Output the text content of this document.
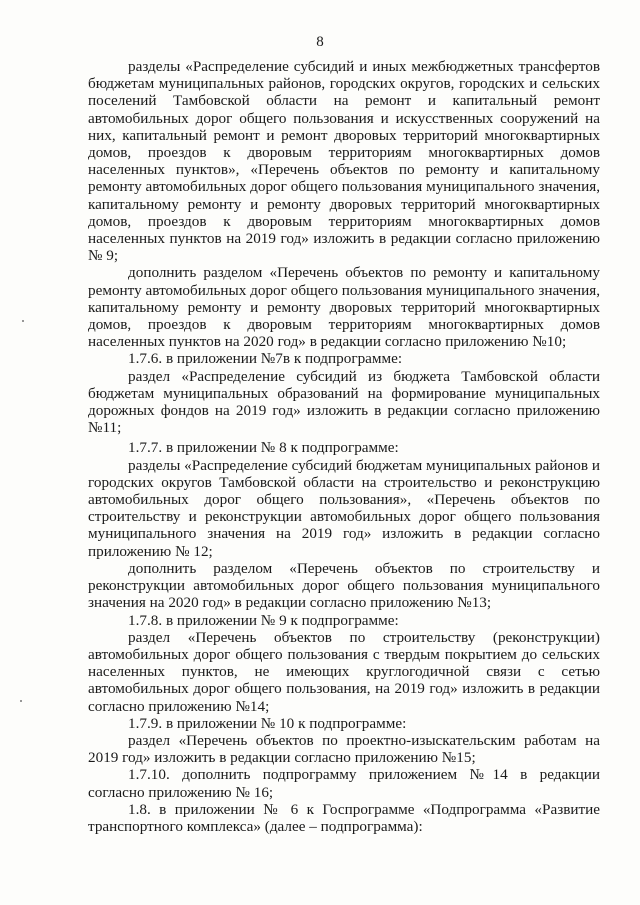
8

разделы «Распределение субсидий и иных межбюджетных трансфертов бюджетам муниципальных районов, городских округов, городских и сельских поселений Тамбовской области на ремонт и капитальный ремонт автомобильных дорог общего пользования и искусственных сооружений на них, капитальный ремонт и ремонт дворовых территорий многоквартирных домов, проездов к дворовым территориям многоквартирных домов населенных пунктов», «Перечень объектов по ремонту и капитальному ремонту автомобильных дорог общего пользования муниципального значения, капитальному ремонту и ремонту дворовых территорий многоквартирных домов, проездов к дворовым территориям многоквартирных домов населенных пунктов на 2019 год» изложить в редакции согласно приложению № 9;

дополнить разделом «Перечень объектов по ремонту и капитальному ремонту автомобильных дорог общего пользования муниципального значения, капитальному ремонту и ремонту дворовых территорий многоквартирных домов, проездов к дворовым территориям многоквартирных домов населенных пунктов на 2020 год» в редакции согласно приложению №10;

1.7.6. в приложении №7в к подпрограмме:

раздел «Распределение субсидий из бюджета Тамбовской области бюджетам муниципальных образований на формирование муниципальных дорожных фондов на 2019 год» изложить в редакции согласно приложению №11;

1.7.7. в приложении № 8 к подпрограмме:

разделы «Распределение субсидий бюджетам муниципальных районов и городских округов Тамбовской области на строительство и реконструкцию автомобильных дорог общего пользования», «Перечень объектов по строительству и реконструкции автомобильных дорог общего пользования муниципального значения на 2019 год» изложить в редакции согласно приложению № 12;

дополнить разделом «Перечень объектов по строительству и реконструкции автомобильных дорог общего пользования муниципального значения на 2020 год» в редакции согласно приложению №13;

1.7.8. в приложении № 9 к подпрограмме:

раздел «Перечень объектов по строительству (реконструкции) автомобильных дорог общего пользования с твердым покрытием до сельских населенных пунктов, не имеющих круглогодичной связи с сетью автомобильных дорог общего пользования, на 2019 год» изложить в редакции согласно приложению №14;

1.7.9. в приложении № 10 к подпрограмме:

раздел «Перечень объектов по проектно-изыскательским работам на 2019 год» изложить в редакции согласно приложению №15;

1.7.10. дополнить подпрограмму приложением №14 в редакции согласно приложению № 16;

1.8. в приложении № 6 к Госпрограмме «Подпрограмма «Развитие транспортного комплекса» (далее – подпрограмма):
